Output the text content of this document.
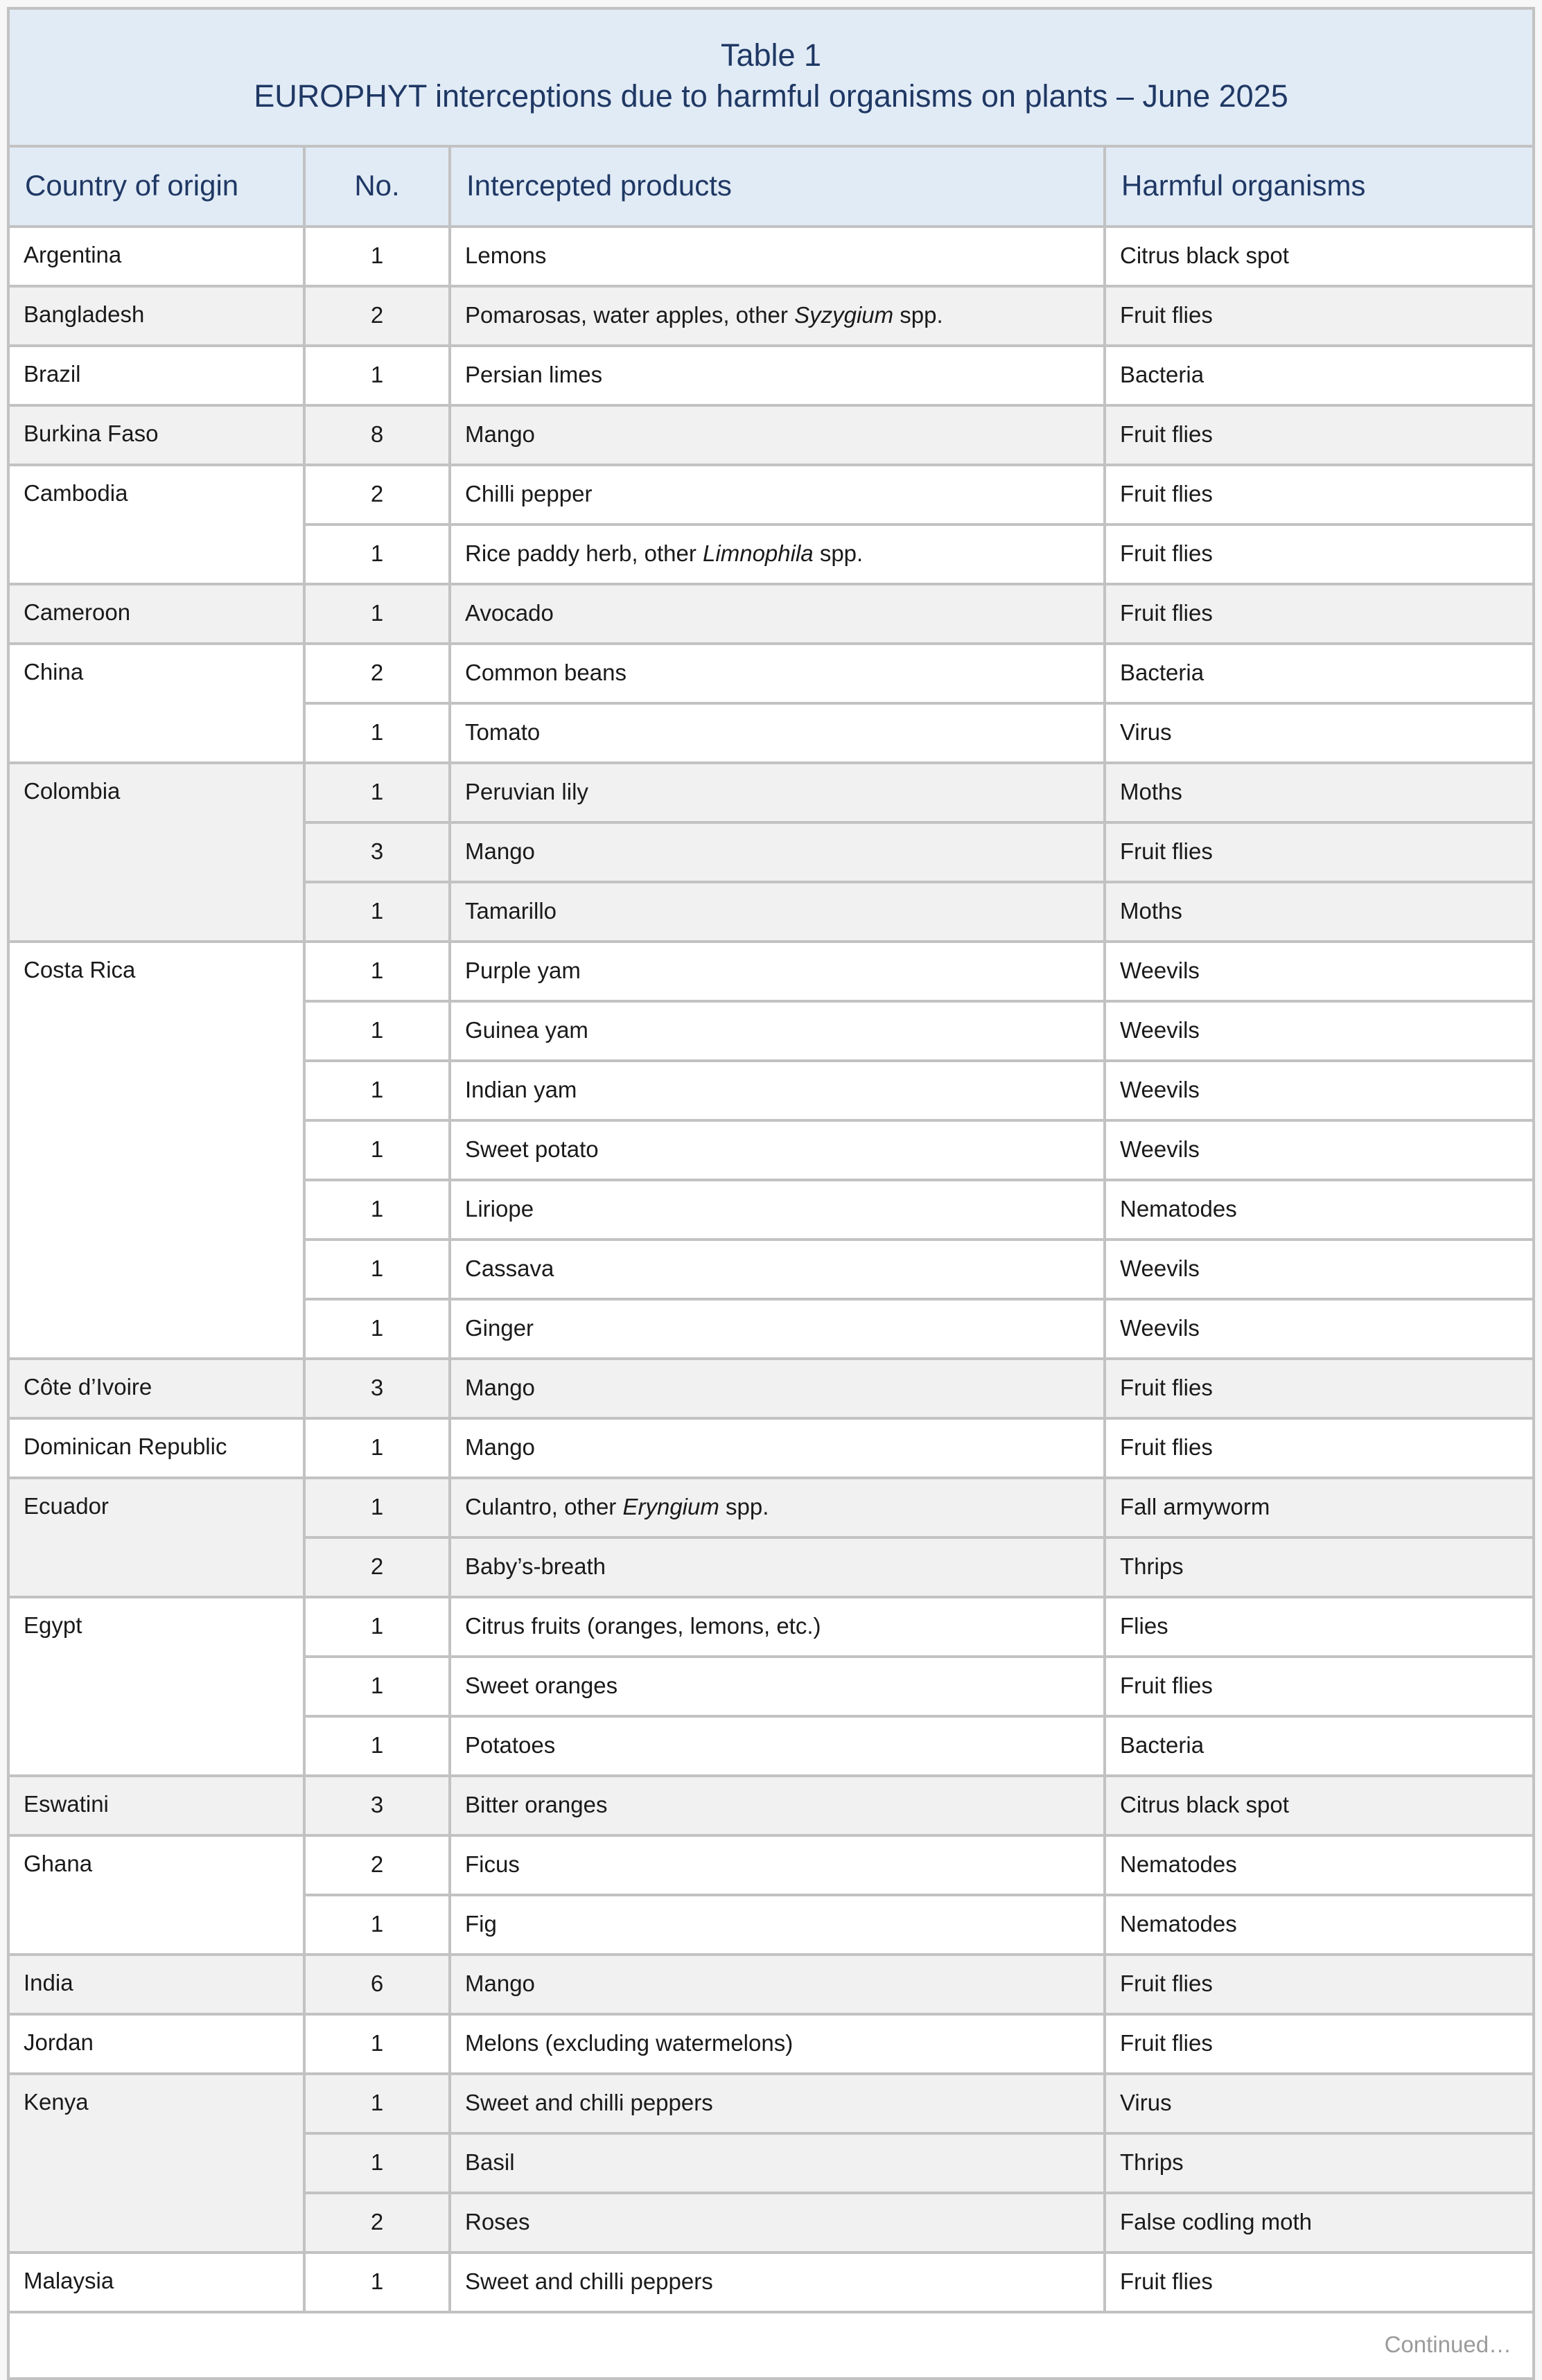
Table 1
EUROPHYT interceptions due to harmful organisms on plants – June 2025			

Country of origin	No.	Intercepted products	Harmful organisms
Argentina	1	Lemons	Citrus black spot
Bangladesh	2	Pomarosas, water apples, other Syzygium spp.	Fruit flies
Brazil	1	Persian limes	Bacteria
Burkina Faso	8	Mango	Fruit flies
Cambodia	2	Chilli pepper	Fruit flies
	1	Rice paddy herb, other Limnophila spp.	Fruit flies
Cameroon	1	Avocado	Fruit flies
China	2	Common beans	Bacteria
	1	Tomato	Virus
Colombia	1	Peruvian lily	Moths
	3	Mango	Fruit flies
	1	Tamarillo	Moths
Costa Rica	1	Purple yam	Weevils
	1	Guinea yam	Weevils
	1	Indian yam	Weevils
	1	Sweet potato	Weevils
	1	Liriope	Nematodes
	1	Cassava	Weevils
	1	Ginger	Weevils
Côte d’Ivoire	3	Mango	Fruit flies
Dominican Republic	1	Mango	Fruit flies
Ecuador	1	Culantro, other Eryngium spp.	Fall armyworm
	2	Baby’s-breath	Thrips
Egypt	1	Citrus fruits (oranges, lemons, etc.)	Flies
	1	Sweet oranges	Fruit flies
	1	Potatoes	Bacteria
Eswatini	3	Bitter oranges	Citrus black spot
Ghana	2	Ficus	Nematodes
	1	Fig	Nematodes
India	6	Mango	Fruit flies
Jordan	1	Melons (excluding watermelons)	Fruit flies
Kenya	1	Sweet and chilli peppers	Virus
	1	Basil	Thrips
	2	Roses	False codling moth
Malaysia	1	Sweet and chilli peppers	Fruit flies
Continued…			
